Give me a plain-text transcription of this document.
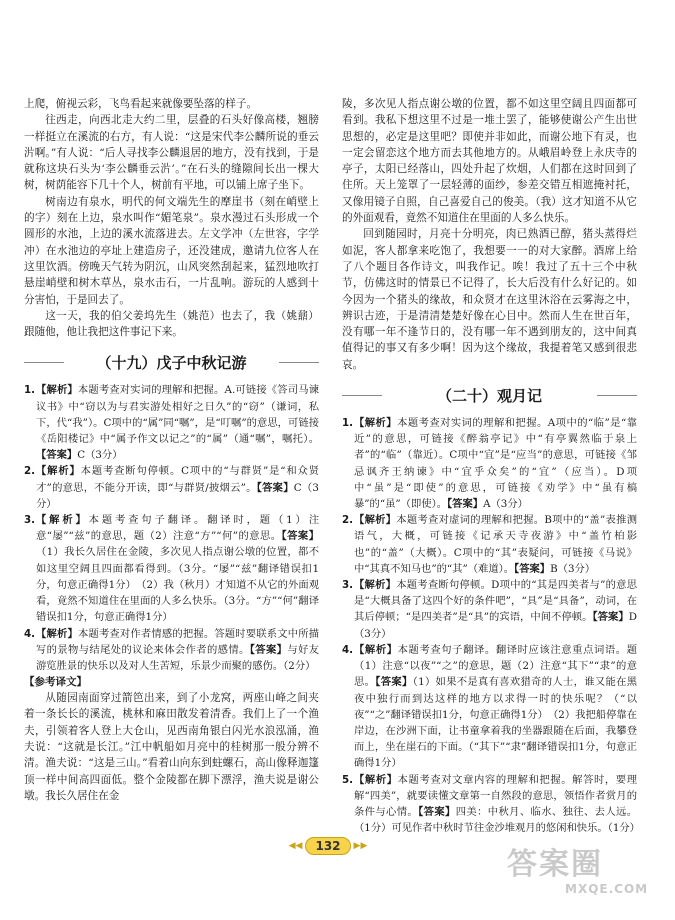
上爬，俯视云彩，飞鸟看起来就像要坠落的样子。

往西走，向西北走大约二里，层叠的石头好像高楼，翘膀一样挺立在溪流的右方，有人说：“这是宋代李公麟所说的垂云沜啊。”有人说：“后人寻找李公麟退居的地方，没有找到，于是就称这块石头为‘李公麟垂云沜’。”在石头的缝隙间长出一棵大树，树荫能容下几十个人，树前有平地，可以铺上席子坐下。

树南边有泉水，明代的何文端先生的摩崖书（刻在峭壁上的字）刻在上边，泉水叫作“媚笔泉”。泉水漫过石头形成一个圆形的水池，上边的溪水流落进去。左文学冲（左世容，字学冲）在水池边的亭址上建造房子，还没建成，邀请九位客人在这里饮酒。傍晚天气转为阴沉，山风突然刮起来，猛烈地吹打悬崖峭壁和树木草丛，泉水击石，一片乱响。游玩的人感到十分害怕，于是回去了。

这一天，我的伯父姜坞先生（姚范）也去了，我（姚鼐）跟随他，他让我把这件事记下来。

（十九）戊子中秋记游
1. 【解析】本题考查对实词的理解和把握。A.可链接《答司马谏议书》中“窃以为与君实游处相好之日久”的“窃”（谦词，私下，代“我”）。C项中的“属”同“嘱”，是“叮嘱”的意思，可链接《岳阳楼记》中“属予作文以记之”的“属”（通“嘱”，嘱托）。【答案】C（3分）
2. 【解析】本题考查断句停顿。C项中的“与群贤”是“和众贤才”的意思，不能分开读，即“与群贤/披烟云”。【答案】C（3分）
3. 【解析】本题考查句子翻译。翻译时，题（1）注意“屡”“兹”的意思，题（2）注意“方”“何”的意思。【答案】（1）我长久居住在金陵，多次见人指点谢公墩的位置，都不如这里空阔且四面都看得到。（3分。“屡”“兹”翻译错误扣1分，句意正确得1分）　（2）我（秋月）才知道不从它的外面观看，竟然不知道住在里面的人多么快乐。（3分。“方”“何”翻译错误扣1分，句意正确得1分）
4. 【解析】本题考查对作者情感的把握。答题时要联系文中所描写的景物与结尾处的议论来体会作者的感情。【答案】与好友游览胜景的快乐以及对人生苦短，乐景少而聚的感伤。（2分）
【参考译文】

从随园南面穿过箭笆出来，到了小龙窝，两座山峰之间夹着一条长长的溪流，桃林和麻田散发着清香。我们上了一个渔夫，引领着客人登上大仓山，见西南角银白闪光水浪泓涌，渔夫说：“这就是长江。”江中帆船如月亮中的桂树那一般分辨不清。渔夫说：“这是三山。”看着山向东到蛀螺石，高山像释迦篷顶一样中间高四面低。整个金陵都在脚下漂浮，渔夫说是谢公墩。我长久居住在金

陵，多次见人指点谢公墩的位置，都不如这里空阔且四面都可看到。我私下想这里不过是一堆土罢了，能够使谢公产生出世思想的，必定是这里吧？即使并非如此，而谢公地下有灵，也一定会留恋这个地方而去其他地方的。从峨眉岭登上永庆寺的亭子，太阳已经落山，四处升起了炊烟，人们都在这时回到了住所。天上笼罩了一层轻薄的面纱，参差交错互相遮掩衬托，又像用镜子自照，自己喜爱自己的俊美。（我）这才知道不从它的外面观看，竟然不知道住在里面的人多么快乐。

回到随园时，月亮十分明亮，肉已熟酒已醇，猪头蒸得烂如泥，客人都拿来吃饱了，我想要一一的对大家醉。酒席上给了八个题目各作诗文，叫我作记。唉！我过了五十三个中秋节，仿佛这时的情景已不记得了，长大后没有什么好记的。如今因为一个猪头的缘故，和众贤才在这里沐浴在云雾海之中，辨识古迹，于是清清楚楚好像在心目中。然而人生在世百年，没有哪一年不逢节日的，没有哪一年不遇到朋友的，这中间真值得记的事又有多少啊！因为这个缘故，我提着笔又感到很悲哀。

（二十）观月记
1. 【解析】本题考查对实词的理解和把握。A项中的“临”是“靠近”的意思，可链接《醉翁亭记》中“有亭翼然临于泉上者”的“临”（靠近）。C项中“宜”是“应当”的意思，可链接《邹忌讽齐王纳谏》中“宜乎众矣”的“宜”（应当）。D项中“虽”是“即使”的意思，可链接《劝学》中“虽有槁暴”的“虽”（即使）。【答案】A（3分）
2. 【解析】本题考查对虚词的理解和把握。B项中的“盖”表推测语气，大概，可链接《记承天寺夜游》中“盖竹柏影也”的“盖”（大概）。C项中的“其”表疑问，可链接《马说》中“其真不知马也”的“其”（难道）。【答案】B（3分）
3. 【解析】本题考查断句停顿。D项中的“其是四美者与”的意思是“大概具备了这四个好的条件吧”，“具”是“具备”，动词，在其后停顿；“是四美者”是“具”的宾语，中间不停顿。【答案】D（3分）
4. 【解析】本题考查句子翻译。翻译时应该注意重点词语。题（1）注意“以夜”“之”的意思，题（2）注意“其下”“隶”的意思。【答案】（1）如果不是真有喜欢猎奇的人士，谁又能在黑夜中独行而到达这样的地方以求得一时的快乐呢？（“以夜”“之”翻译错误扣1分，句意正确得1分）　（2）我把船停靠在岸边，在沙洲下面，让书童拿着我的坐器跟随在后面，我攀登而上，坐在崖石的下面。（“其下”“隶”翻译错误扣1分，句意正确得1分）
5. 【解析】本题考查对文章内容的理解和把握。解答时，要理解“四美”，就要读懂文章第一自然段的意思，领悟作者赏月的条件与心情。【答案】四美：中秋月、临水、独往、去人远。（1分）可见作者中秋时节往金沙堆观月的悠闲和快乐。（1分）
◀◀	132	▶▶
答案圈
MXQE.COM
